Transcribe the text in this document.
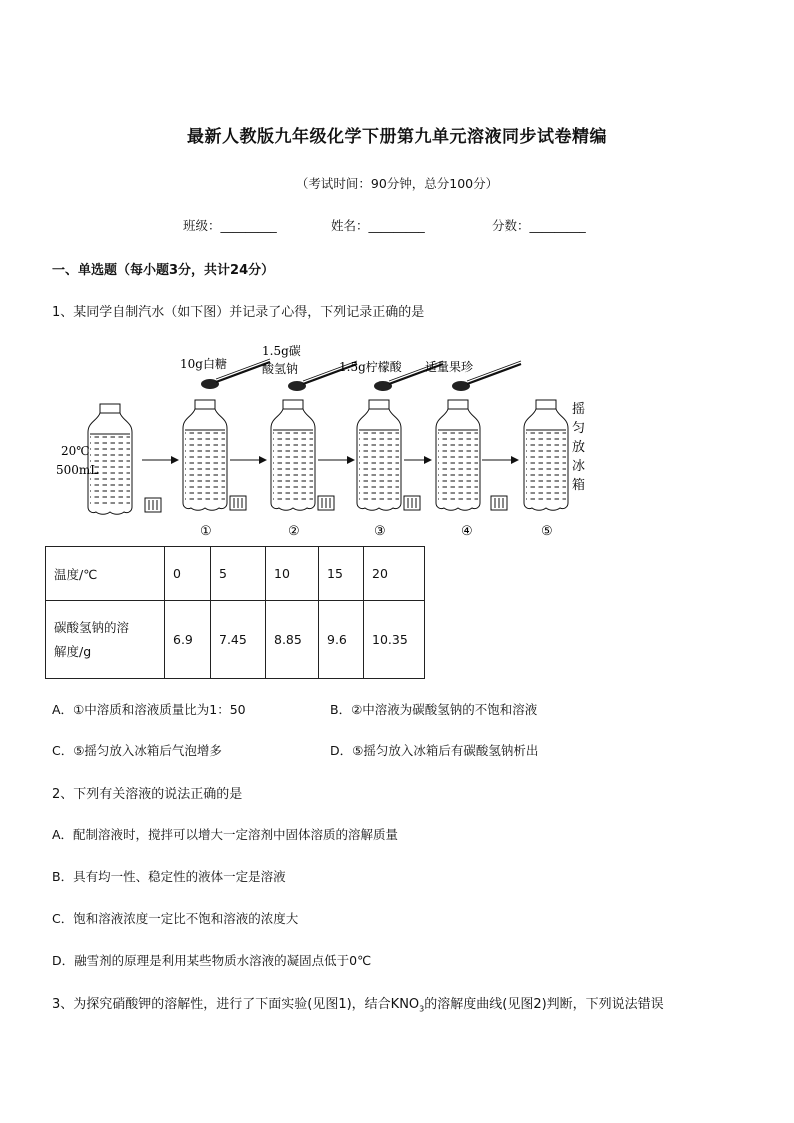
最新人教版九年级化学下册第九单元溶液同步试卷精编
（考试时间：90分钟，总分100分）
班级：_________	姓名：_________	分数：_________
一、单选题（每小题3分，共计24分）
1、某同学自制汽水（如下图）并记录了心得，下列记录正确的是
20℃
500mL
10g白糖
1.5g碳
酸氢钠	1.5g柠檬酸 适量果珍
摇
匀
放
冰
箱
①	②	③	④	⑤
温度/℃	0	5	10	15	20

碳酸氢钠的溶
解度/g	6.9	7.45	8.85	9.6	10.35
A．①中溶质和溶液质量比为1：50	B．②中溶液为碳酸氢钠的不饱和溶液
C．⑤摇匀放入冰箱后气泡增多	D．⑤摇匀放入冰箱后有碳酸氢钠析出
2、下列有关溶液的说法正确的是
A．配制溶液时，搅拌可以增大一定溶剂中固体溶质的溶解质量
B．具有均一性、稳定性的液体一定是溶液
C．饱和溶液浓度一定比不饱和溶液的浓度大
D．融雪剂的原理是利用某些物质水溶液的凝固点低于0℃
3、为探究硝酸钾的溶解性，进行了下面实验(见图1)，结合$KNO_3$的溶解度曲线(见图2)判断，下列说法错误
